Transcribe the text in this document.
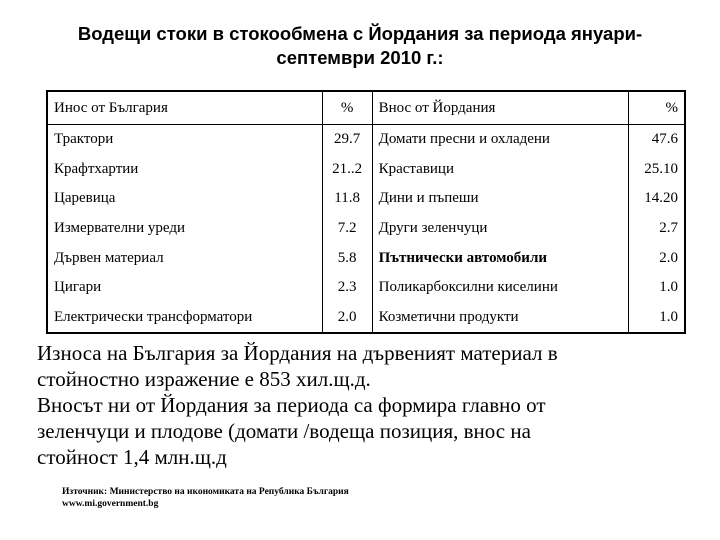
Водещи стоки в стокообмена с Йордания за периода януари-
септември 2010 г.:
Инос от България	%	Внос от Йордания	%
Трактори	29.7	Домати пресни и охладени	47.6
Крафтхартии	21..2	Краставици	25.10
Царевица	11.8	Дини и пъпеши	14.20
Измервателни уреди	7.2	Други зеленчуци	2.7
Дървен материал	5.8	Пътнически автомобили	2.0
Цигари	2.3	Поликарбоксилни киселини	1.0
Електрически трансформатори	2.0	Козметични продукти	1.0

Износа на България за Йордания на дървеният материал в

стойностно изражение е 853 хил.щ.д.

Вносът ни от Йордания за периода са формира главно от

зеленчуци и плодове (домати /водеща позиция, внос на

стойност 1,4 млн.щ.д

Източник: Министерство на икономиката на Република България
www.mi.government.bg
